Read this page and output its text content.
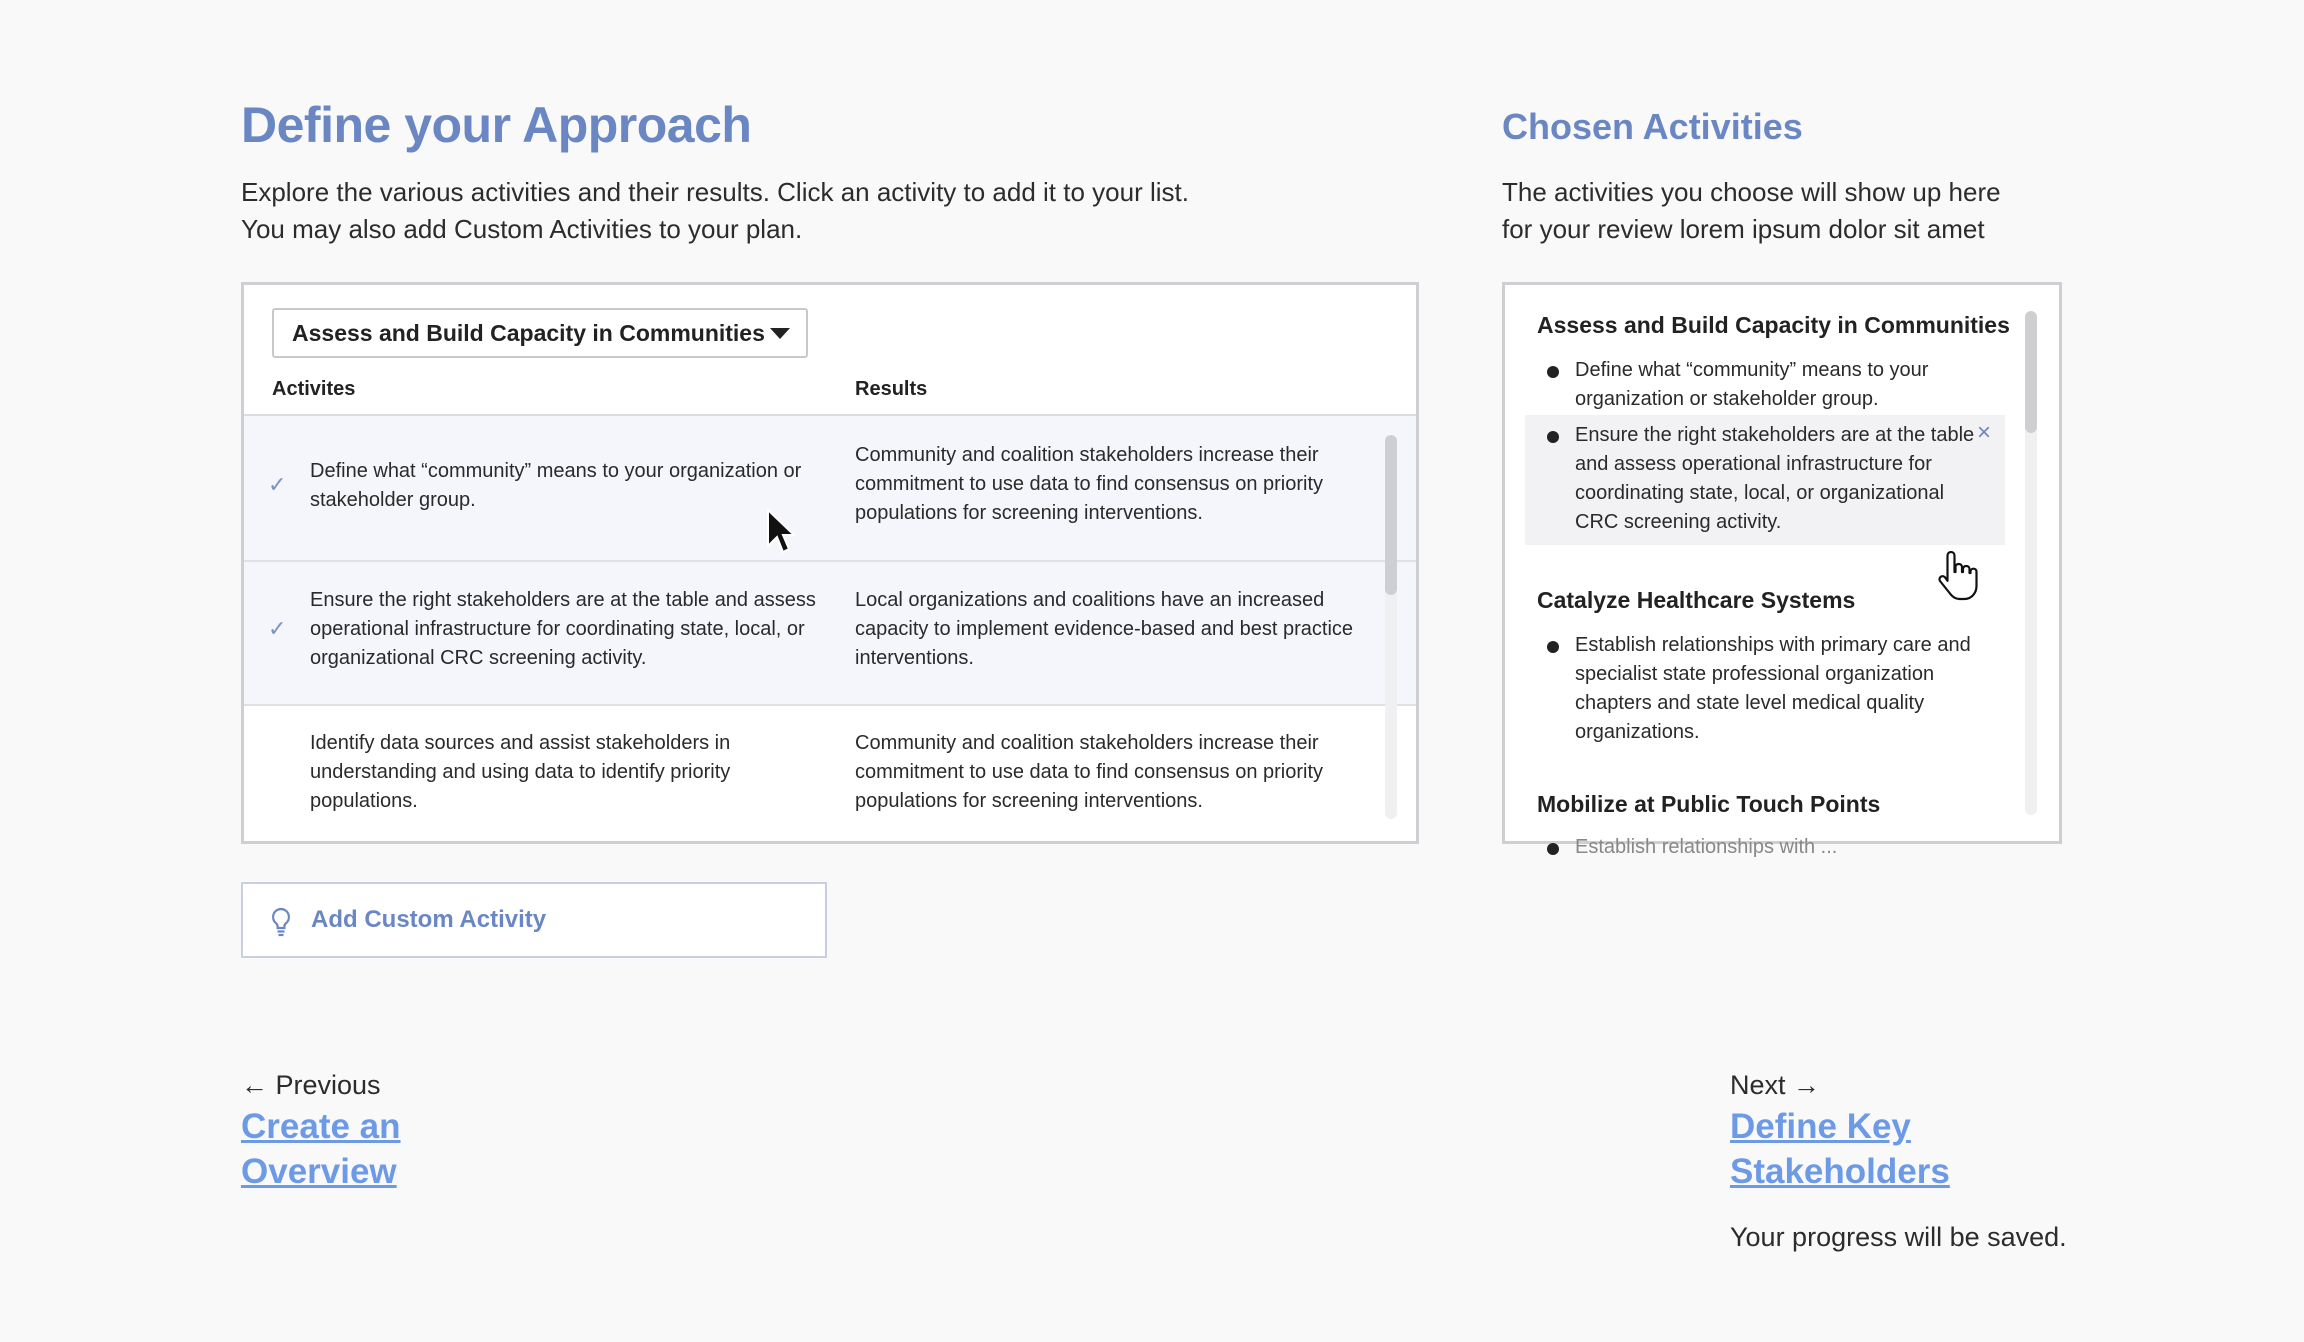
Define your Approach

Explore the various activities and their results. Click an activity to add it to your list.
You may also add Custom Activities to your plan.

Chosen Activities

The activities you choose will show up here
for your review lorem ipsum dolor sit amet

Assess and Build Capacity in Communities
Activites	Results
✓
Define what “community” means to your organization or stakeholder group.
Community and coalition stakeholders increase their commitment to use data to find consensus on priority populations for screening interventions.
✓
Ensure the right stakeholders are at the table and assess operational infrastructure for coordinating state, local, or organizational CRC screening activity.
Local organizations and coalitions have an increased capacity to implement evidence-based and best practice interventions.
Identify data sources and assist stakeholders in understanding and using data to identify priority populations.
Community and coalition stakeholders increase their commitment to use data to find consensus on priority populations for screening interventions.
Assess and Build Capacity in Communities
Define what “community” means to your organization or stakeholder group.
Ensure the right stakeholders are at the table and assess operational infrastructure for coordinating state, local, or organizational CRC screening activity.
×
Catalyze Healthcare Systems
Establish relationships with primary care and specialist state professional organization chapters and state level medical quality organizations.
Mobilize at Public Touch Points
Establish relationships with ...
Add Custom Activity
← Previous
Create an
Overview
Next →
Define Key
Stakeholders
Your progress will be saved.
